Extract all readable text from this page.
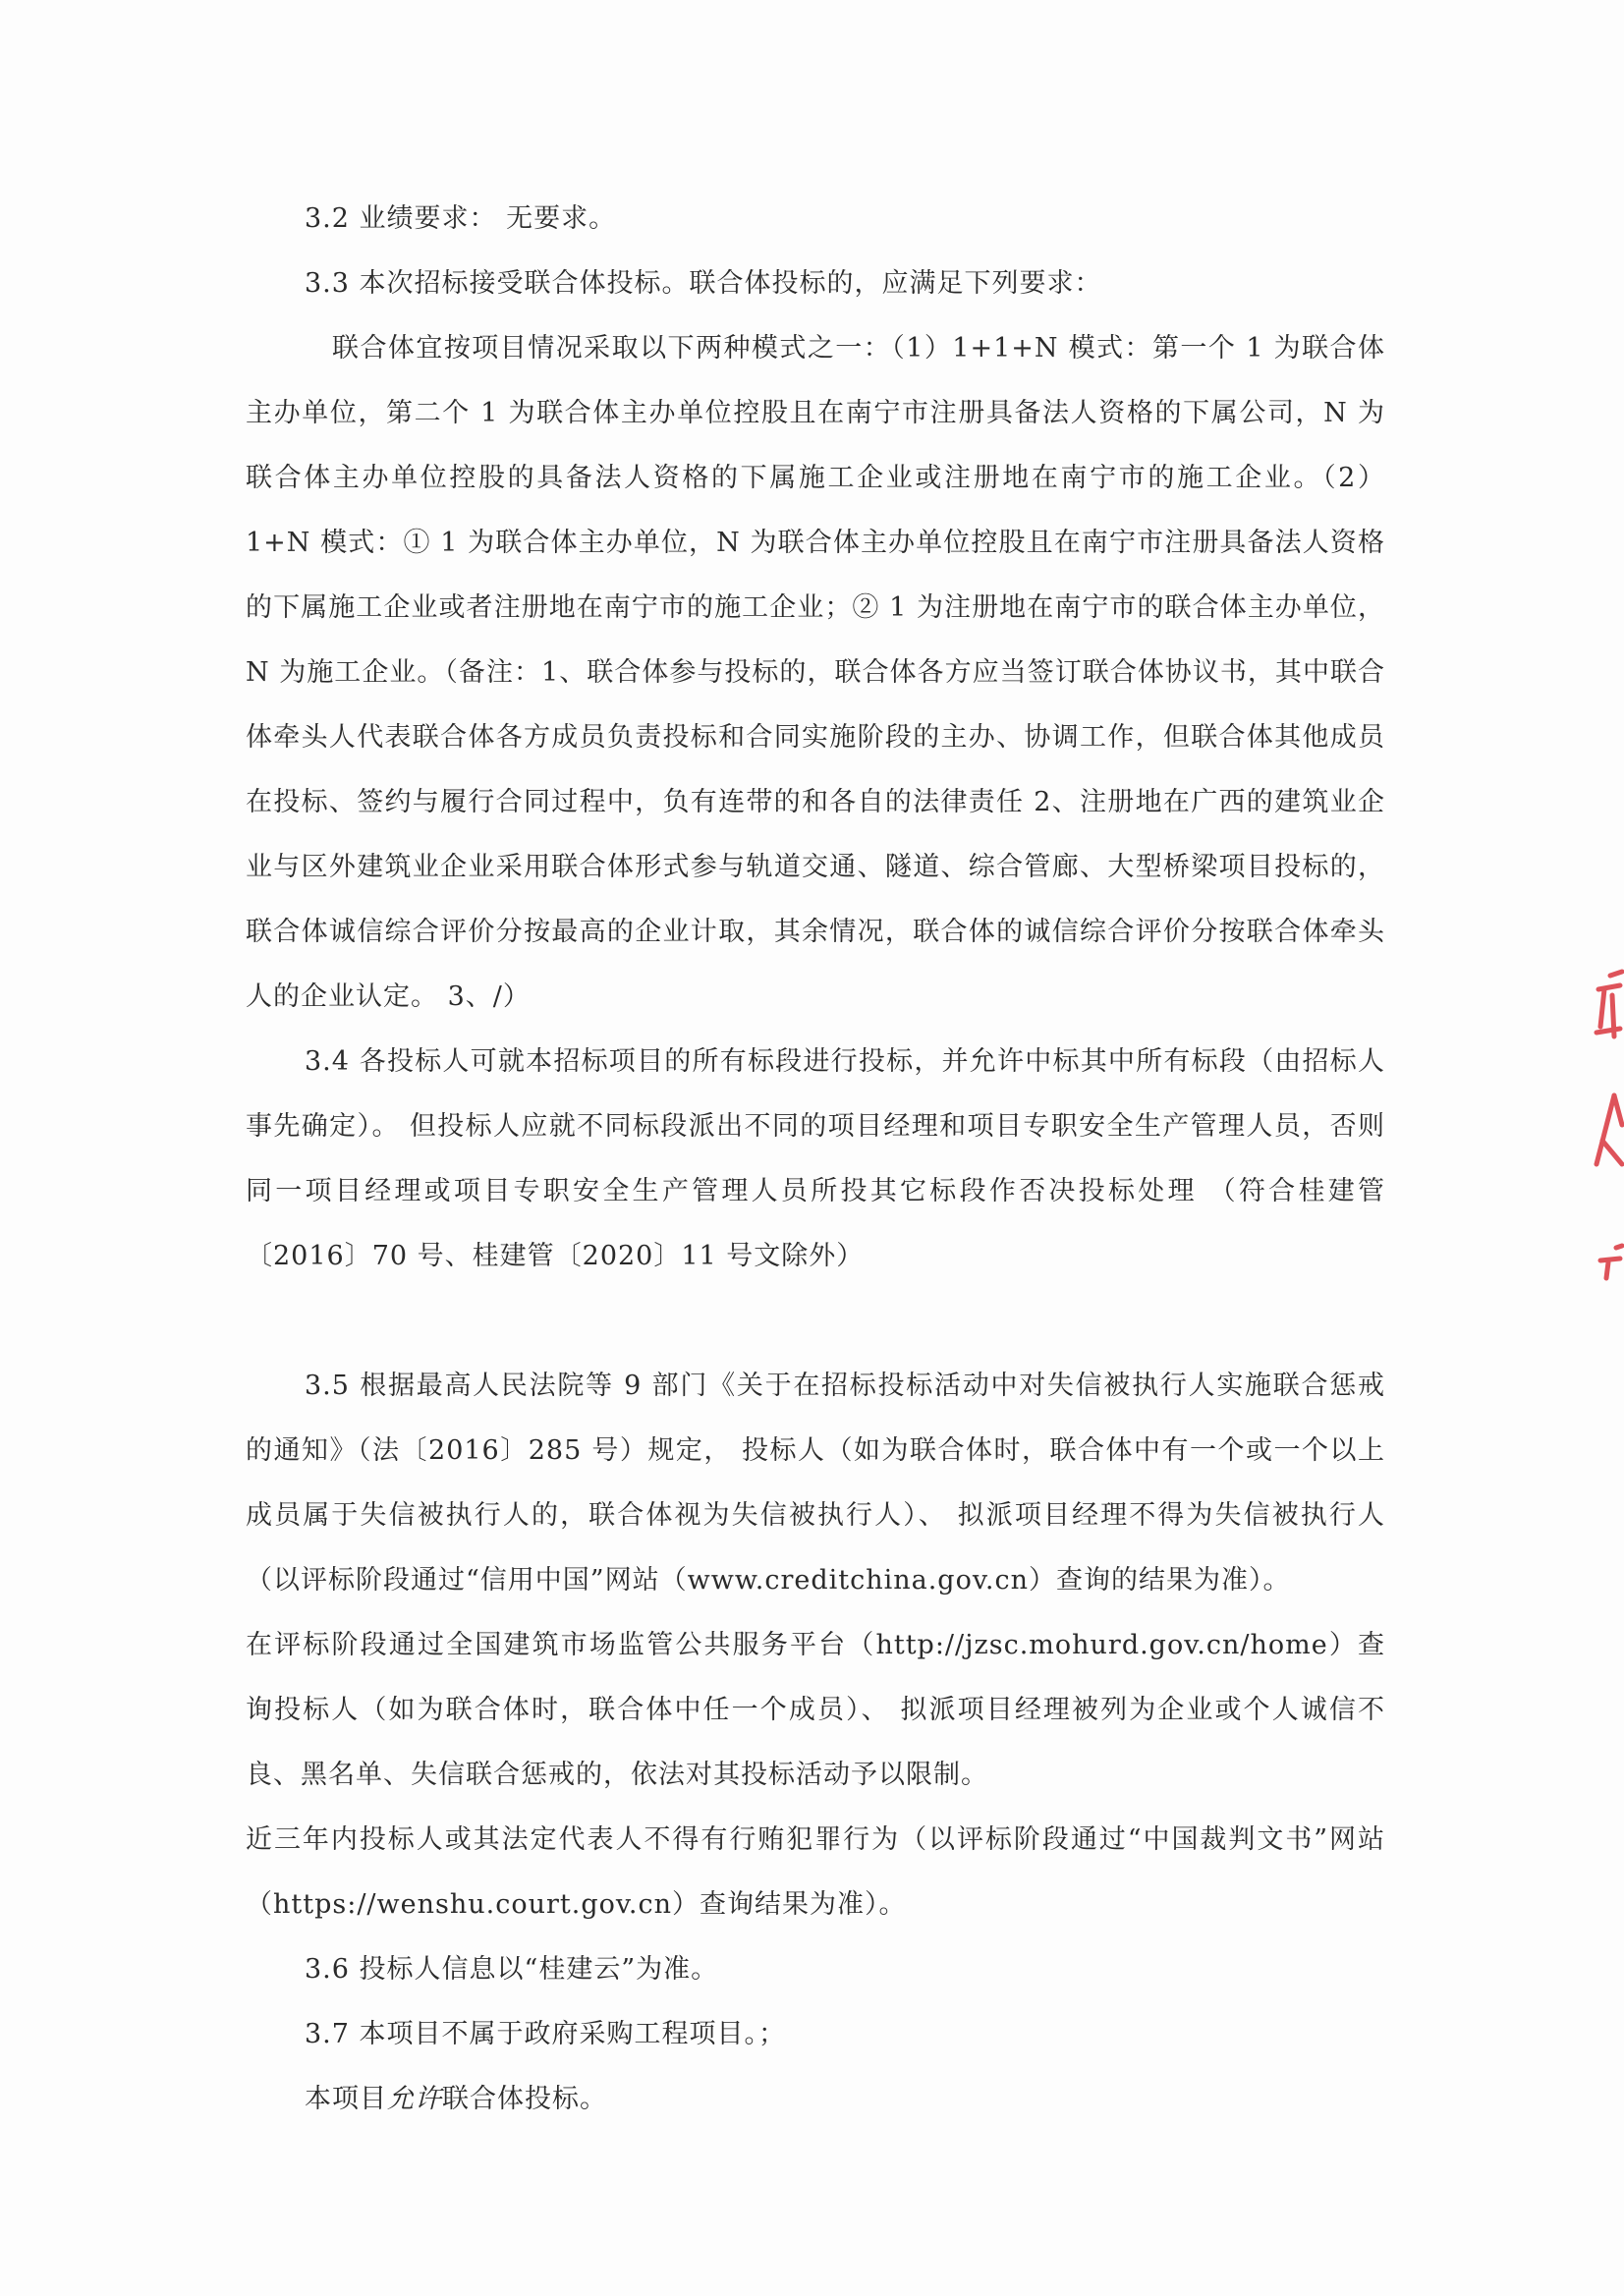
3.2 业绩要求： 无要求。

3.3 本次招标接受联合体投标。联合体投标的，应满足下列要求：

联合体宜按项目情况采取以下两种模式之一：（1）1+1+N 模式：第一个 1 为联合体主办单位，第二个 1 为联合体主办单位控股且在南宁市注册具备法人资格的下属公司，N 为联合体主办单位控股的具备法人资格的下属施工企业或注册地在南宁市的施工企业。（2）1+N 模式：① 1 为联合体主办单位，N 为联合体主办单位控股且在南宁市注册具备法人资格的下属施工企业或者注册地在南宁市的施工企业；② 1 为注册地在南宁市的联合体主办单位，N 为施工企业。（备注：1、联合体参与投标的，联合体各方应当签订联合体协议书，其中联合体牵头人代表联合体各方成员负责投标和合同实施阶段的主办、协调工作，但联合体其他成员在投标、签约与履行合同过程中，负有连带的和各自的法律责任 2、注册地在广西的建筑业企业与区外建筑业企业采用联合体形式参与轨道交通、隧道、综合管廊、大型桥梁项目投标的，联合体诚信综合评价分按最高的企业计取，其余情况，联合体的诚信综合评价分按联合体牵头人的企业认定。 3、/）

3.4 各投标人可就本招标项目的所有标段进行投标，并允许中标其中所有标段（由招标人事先确定）。 但投标人应就不同标段派出不同的项目经理和项目专职安全生产管理人员，否则同一项目经理或项目专职安全生产管理人员所投其它标段作否决投标处理 （符合桂建管〔2016〕70 号、桂建管〔2020〕11 号文除外）

3.5 根据最高人民法院等 9 部门《关于在招标投标活动中对失信被执行人实施联合惩戒的通知》（法〔2016〕285 号）规定， 投标人（如为联合体时，联合体中有一个或一个以上成员属于失信被执行人的，联合体视为失信被执行人）、 拟派项目经理不得为失信被执行人（以评标阶段通过“信用中国”网站（www.creditchina.gov.cn）查询的结果为准）。

在评标阶段通过全国建筑市场监管公共服务平台（http://jzsc.mohurd.gov.cn/home）查询投标人（如为联合体时，联合体中任一个成员）、 拟派项目经理被列为企业或个人诚信不良、黑名单、失信联合惩戒的，依法对其投标活动予以限制。

近三年内投标人或其法定代表人不得有行贿犯罪行为（以评标阶段通过“中国裁判文书”网站（https://wenshu.court.gov.cn）查询结果为准）。

3.6 投标人信息以“桂建云”为准。

3.7 本项目不属于政府采购工程项目。；

本项目允许联合体投标。
